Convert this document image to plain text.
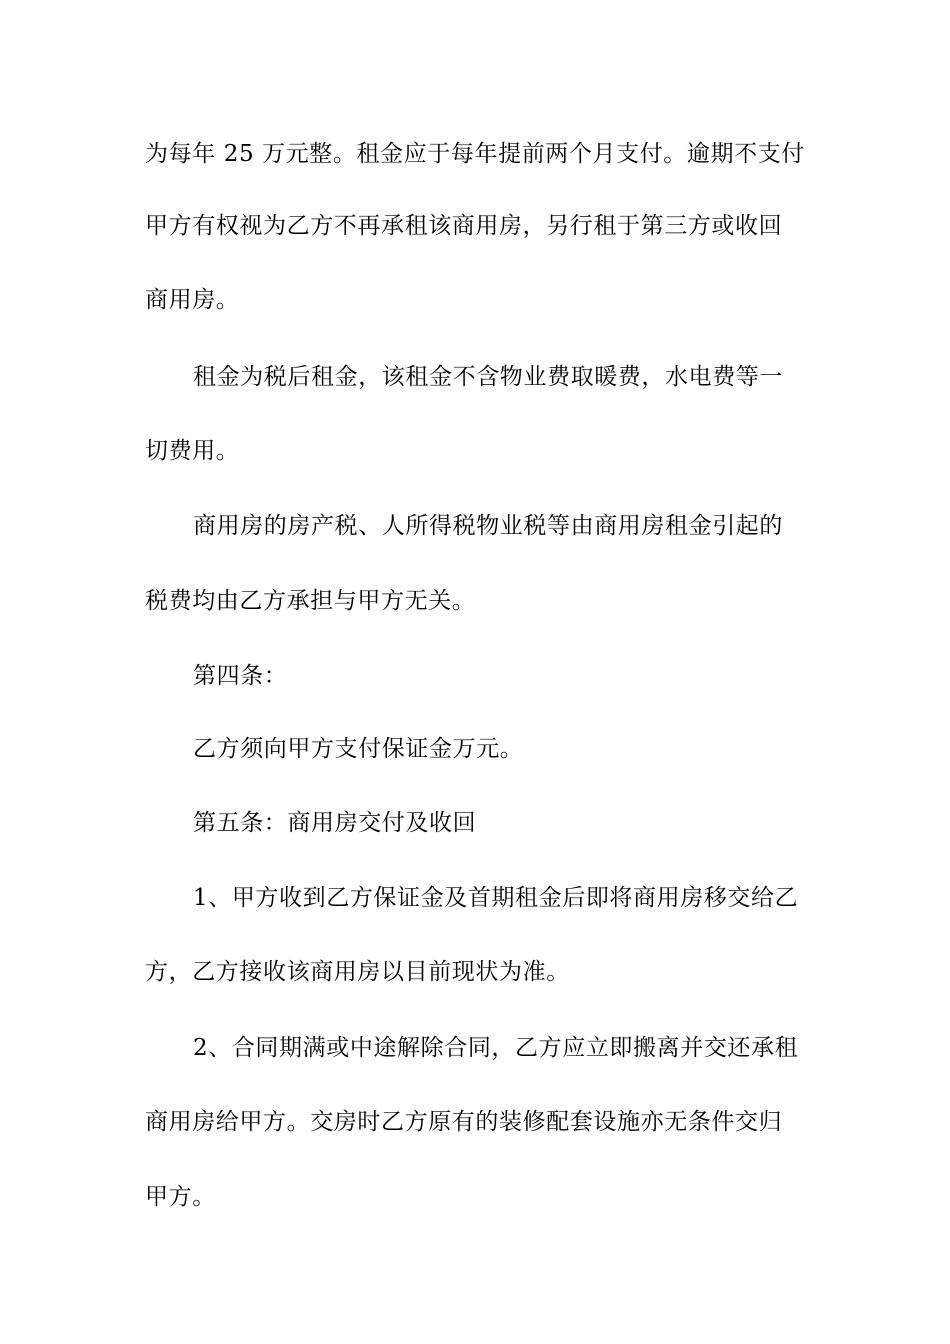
为每年 25 万元整。租金应于每年提前两个月支付。逾期不支付
甲方有权视为乙方不再承租该商用房，另行租于第三方或收回
商用房。
租金为税后租金，该租金不含物业费取暖费，水电费等一
切费用。
商用房的房产税、人所得税物业税等由商用房租金引起的
税费均由乙方承担与甲方无关。
第四条：
乙方须向甲方支付保证金万元。
第五条：商用房交付及收回
1、甲方收到乙方保证金及首期租金后即将商用房移交给乙
方，乙方接收该商用房以目前现状为准。
2、合同期满或中途解除合同，乙方应立即搬离并交还承租
商用房给甲方。交房时乙方原有的装修配套设施亦无条件交归
甲方。
